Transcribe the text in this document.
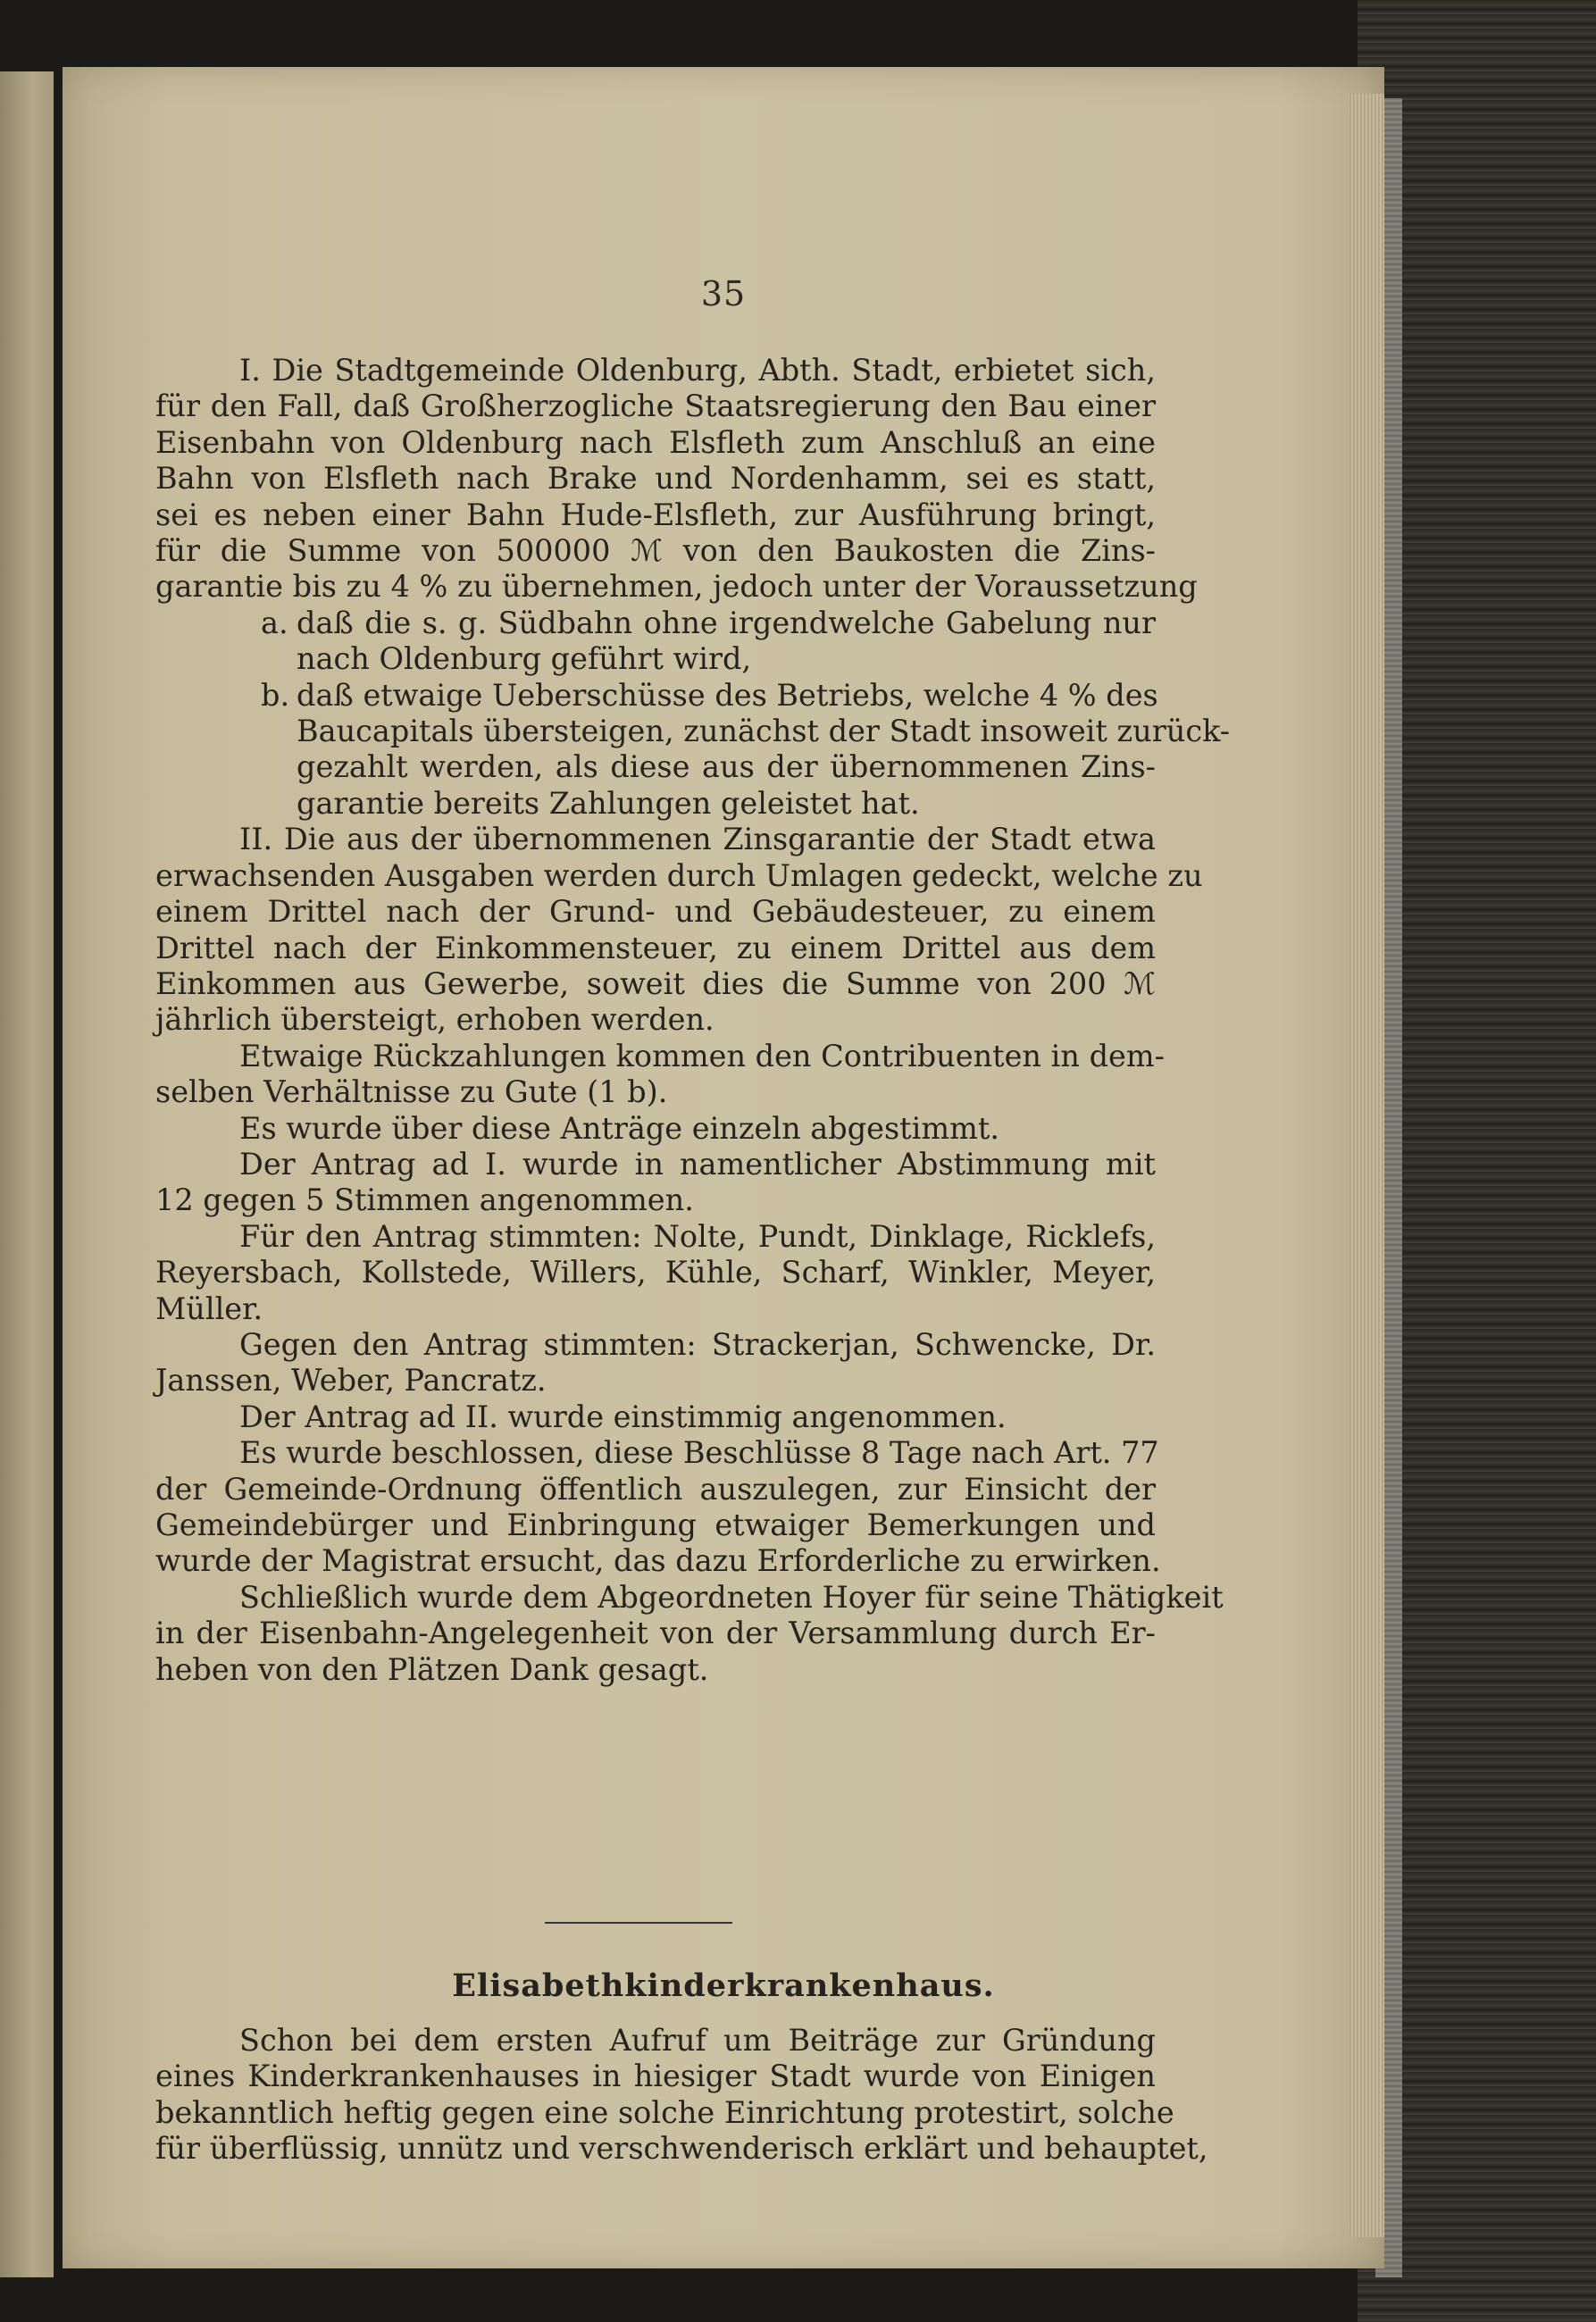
35
I. Die Stadtgemeinde Oldenburg, Abth. Stadt, erbietet sich,
für den Fall, daß Großherzogliche Staatsregierung den Bau einer
Eisenbahn von Oldenburg nach Elsfleth zum Anschluß an eine
Bahn von Elsfleth nach Brake und Nordenhamm, sei es statt,
sei es neben einer Bahn Hude-Elsfleth, zur Ausführung bringt,
für die Summe von 500000 ℳ von den Baukosten die Zins-
garantie bis zu 4 % zu übernehmen, jedoch unter der Voraussetzung
a. daß die s. g. Südbahn ohne irgendwelche Gabelung nur
nach Oldenburg geführt wird,
b. daß etwaige Ueberschüsse des Betriebs, welche 4 % des
Baucapitals übersteigen, zunächst der Stadt insoweit zurück-
gezahlt werden, als diese aus der übernommenen Zins-
garantie bereits Zahlungen geleistet hat.
II. Die aus der übernommenen Zinsgarantie der Stadt etwa
erwachsenden Ausgaben werden durch Umlagen gedeckt, welche zu
einem Drittel nach der Grund- und Gebäudesteuer, zu einem
Drittel nach der Einkommensteuer, zu einem Drittel aus dem
Einkommen aus Gewerbe, soweit dies die Summe von 200 ℳ
jährlich übersteigt, erhoben werden.
Etwaige Rückzahlungen kommen den Contribuenten in dem-
selben Verhältnisse zu Gute (1 b).
Es wurde über diese Anträge einzeln abgestimmt.
Der Antrag ad I. wurde in namentlicher Abstimmung mit
12 gegen 5 Stimmen angenommen.
Für den Antrag stimmten: Nolte, Pundt, Dinklage, Ricklefs,
Reyersbach, Kollstede, Willers, Kühle, Scharf, Winkler, Meyer,
Müller.
Gegen den Antrag stimmten: Strackerjan, Schwencke, Dr.
Janssen, Weber, Pancratz.
Der Antrag ad II. wurde einstimmig angenommen.
Es wurde beschlossen, diese Beschlüsse 8 Tage nach Art. 77
der Gemeinde-Ordnung öffentlich auszulegen, zur Einsicht der
Gemeindebürger und Einbringung etwaiger Bemerkungen und
wurde der Magistrat ersucht, das dazu Erforderliche zu erwirken.
Schließlich wurde dem Abgeordneten Hoyer für seine Thätigkeit
in der Eisenbahn-Angelegenheit von der Versammlung durch Er-
heben von den Plätzen Dank gesagt.
Elisabethkinderkrankenhaus.
Schon bei dem ersten Aufruf um Beiträge zur Gründung
eines Kinderkrankenhauses in hiesiger Stadt wurde von Einigen
bekanntlich heftig gegen eine solche Einrichtung protestirt, solche
für überflüssig, unnütz und verschwenderisch erklärt und behauptet,
